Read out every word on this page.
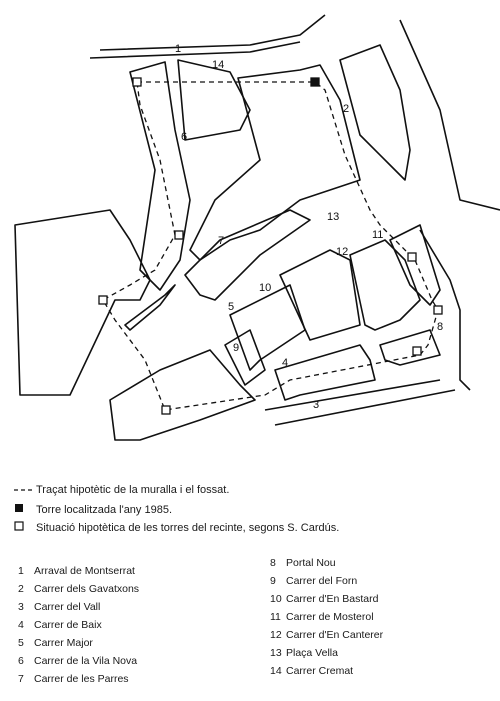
1
2
3
4
5
6
7
8
9
10
11
12
13
14
Traçat hipotètic de la muralla i el fossat.
Torre localitzada l'any 1985.
Situació hipotètica de les torres del recinte, segons S. Cardús.
1 Arraval de Montserrat
2 Carrer dels Gavatxons
3 Carrer del Vall
4 Carrer de Baix
5 Carrer Major
6 Carrer de la Vila Nova
7 Carrer de les Parres
8 Portal Nou
9 Carrer del Forn
10 Carrer d'En Bastard
11 Carrer de Mosterol
12 Carrer d'En Canterer
13 Plaça Vella
14 Carrer Cremat
